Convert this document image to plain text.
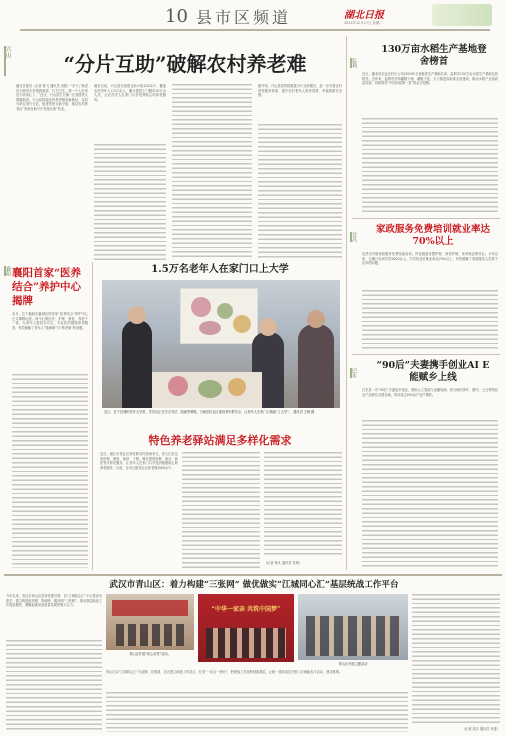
10 县市区频道	湖北日报
2024年12月17日 星期二
兴山	“分片互助”破解农村养老难
湖北日报讯（记者 陈飞 通讯员 田甜）“多亏了助老员小陈每天来帮我做饭、打扫卫生，我一个人在家也不用担心了。”近日，兴山县古夫镇一位独居老人感激地说。兴山县探索农村养老服务新路径，以村为单位划片分区，组建邻里互助小组，推动农村养老由“家庭自助”向“邻里互助”转变。
截至目前，兴山县共组建互助小组120余个，覆盖农村老年人口3万余人，累计提供上门服务10万余人次，让农村老人在家门口享受到贴心的养老服务。
据介绍，兴山县将持续推进分片互助模式，进一步完善农村养老服务体系，提升农村老年人的获得感、幸福感和安全感。
襄阳 襄阳首家“医养结合”养护中心揭牌
本月，位于襄阳市襄城区的首家“医养结合”养护中心正式揭牌运营。该中心集医疗、护理、康复、养老于一体，为老年人提供全方位、专业化的健康养老服务，有效破解了老年人“看病难”与“养老难”的问题。
1.5万名老年人在家门口上大学
近日，位于宜城的老年大学里，学员们正在学习书法、绘画等课程。当地依托社区建设老年教学点，让老年人在家门口就能“上大学”。 通讯员 王晓 摄
特色养老驿站满足多样化需求
近日，潜江市某社区养老驿站内热闹非凡，老人们在这里用餐、理发、阅读、下棋。驿站提供助餐、助洁、助医等多样化服务，让老年人在家门口享受到便捷贴心的养老服务。目前，全市已建成社区养老驿站60余个。
（记者 林凡 通讯员 张明）
监利
130万亩水稻生产基地登舍榜首
近日，湖北省农业农村厅公布2024年全省粮食生产基地名单，监利市130万亩水稻生产基地位居榜首。近年来，监利市坚持藏粮于地、藏粮于技，大力推进高标准农田建设，推动水稻产业高质量发展，持续擦亮“中国水稻第一县”的金字招牌。
宜昌
家政服务免费培训就业率达70%以上
宜昌市开展家政服务免费技能培训，内容涵盖母婴护理、养老护理、家务保洁等项目。今年以来，已累计培训学员2000余人，学员结业后就业率达70%以上，有效缓解了家政服务人员供不应求的问题。
巴东
“90后”夫妻携手创业AI Е能赋乡上线
巴东县一对“90后”夫妻返乡创业，借助人工智能与直播电商，将当地的茶叶、腊肉、土豆等特色农产品销往全国各地，带动周边200余户农户增收。
武汉市青山区：着力构建“三张网” 做优做实“江城同心汇”基层统战工作平台
今年以来，武汉市青山区坚持党建引领，以“江城同心汇”平台建设为抓手，着力构建组织网、阵地网、服务网“三张网”，推动基层统战工作提质增效，凝聚起推动高质量发展的强大合力。
青山区开展“同心讲堂”活动。
“中华一家亲 共筑中国梦”
青山区开展主题活动
青山区以“江城同心汇”为品牌，在街道、社区建立统战工作站点，打造“一站点一特色”，把统战工作延伸到最基层，让统一战线成员在家门口就能参与活动、建言献策。
（记者 周文 通讯员 李进）
